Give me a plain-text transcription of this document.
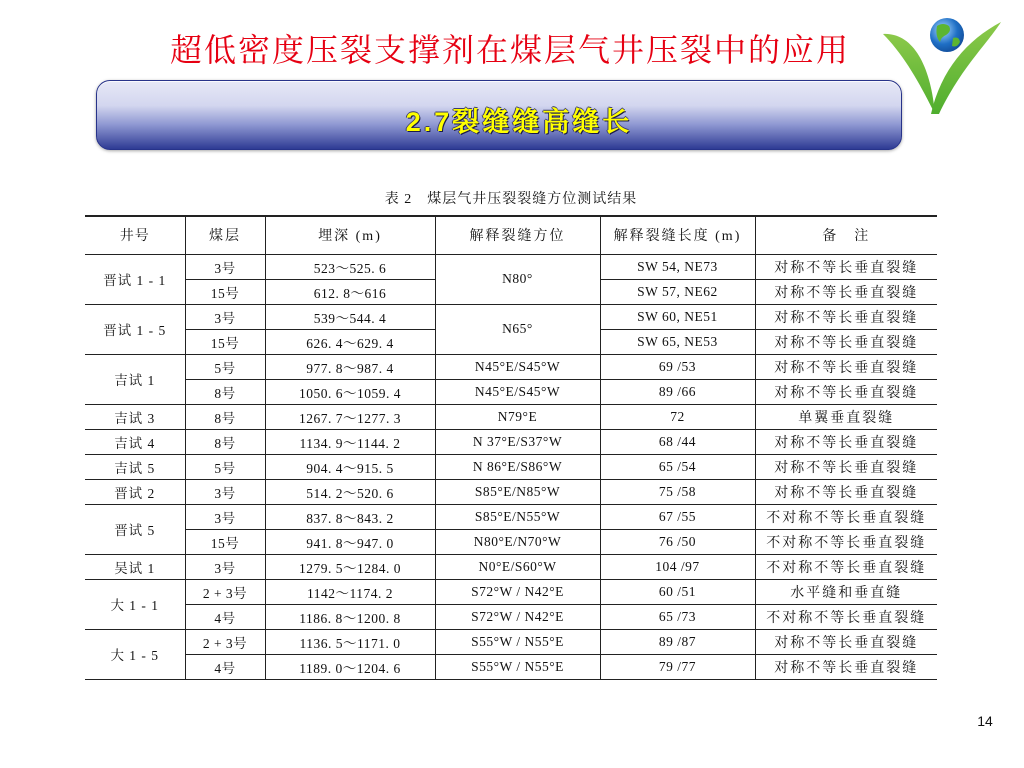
超低密度压裂支撑剂在煤层气井压裂中的应用
2.7裂缝缝高缝长
表 2　煤层气井压裂裂缝方位测试结果
井号	煤层	埋深 (m)	解释裂缝方位	解释裂缝长度 (m)	备　注
晋试 1 - 1	3号	523～525. 6	N80°	SW 54, NE73	对称不等长垂直裂缝
	15号	612. 8～616		SW 57, NE62	对称不等长垂直裂缝
晋试 1 - 5	3号	539～544. 4	N65°	SW 60, NE51	对称不等长垂直裂缝
	15号	626. 4～629. 4		SW 65, NE53	对称不等长垂直裂缝
吉试 1	5号	977. 8～987. 4	N45°E/S45°W	69 /53	对称不等长垂直裂缝
	8号	1050. 6～1059. 4	N45°E/S45°W	89 /66	对称不等长垂直裂缝
吉试 3	8号	1267. 7～1277. 3	N79°E	72	单翼垂直裂缝
吉试 4	8号	1134. 9～1144. 2	N 37°E/S37°W	68 /44	对称不等长垂直裂缝
吉试 5	5号	904. 4～915. 5	N 86°E/S86°W	65 /54	对称不等长垂直裂缝
晋试 2	3号	514. 2～520. 6	S85°E/N85°W	75 /58	对称不等长垂直裂缝
晋试 5	3号	837. 8～843. 2	S85°E/N55°W	67 /55	不对称不等长垂直裂缝
	15号	941. 8～947. 0	N80°E/N70°W	76 /50	不对称不等长垂直裂缝
吴试 1	3号	1279. 5～1284. 0	N0°E/S60°W	104 /97	不对称不等长垂直裂缝
大 1 - 1	2 + 3号	1142～1174. 2	S72°W / N42°E	60 /51	水平缝和垂直缝
	4号	1186. 8～1200. 8	S72°W / N42°E	65 /73	不对称不等长垂直裂缝
大 1 - 5	2 + 3号	1136. 5～1171. 0	S55°W / N55°E	89 /87	对称不等长垂直裂缝
	4号	1189. 0～1204. 6	S55°W / N55°E	79 /77	对称不等长垂直裂缝
14
